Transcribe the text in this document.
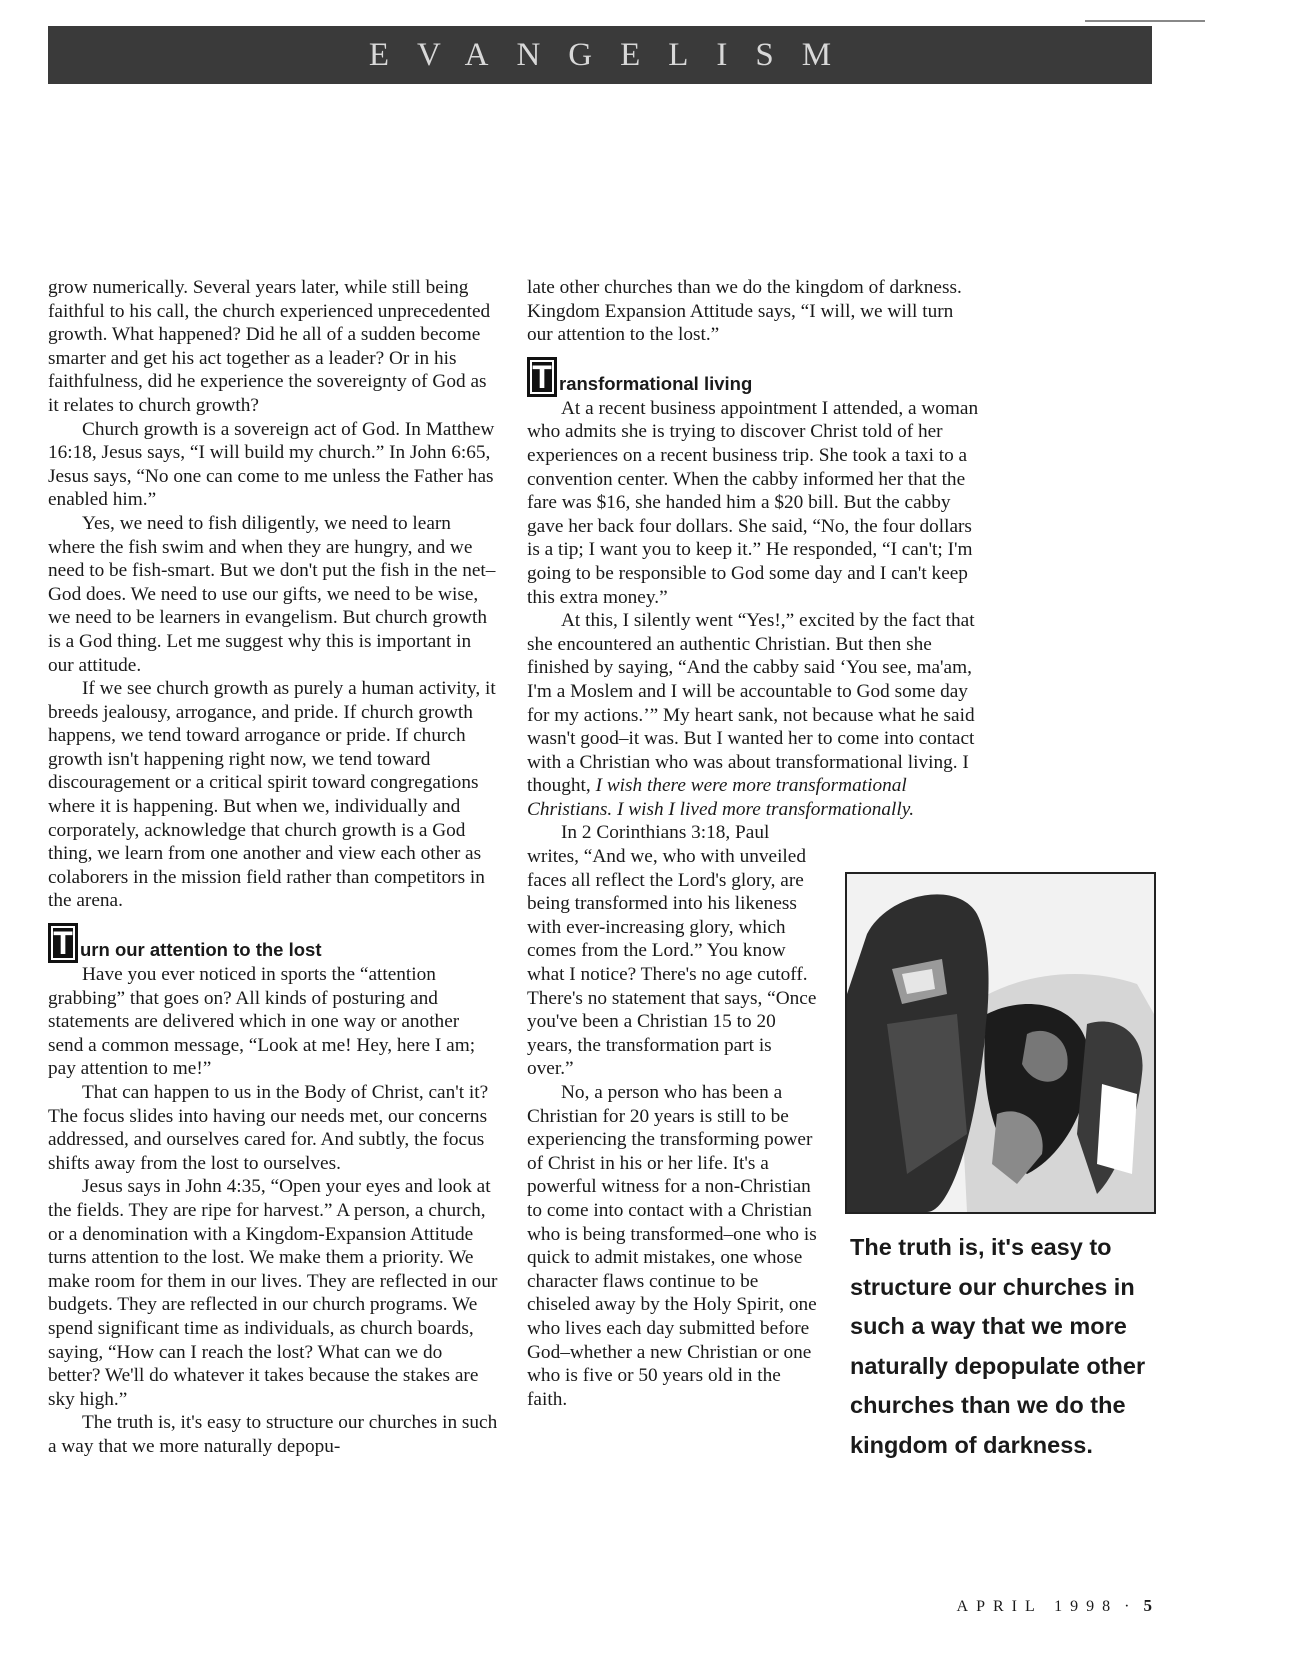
EVANGELISM

grow numerically. Several years later, while still being faithful to his call, the church experienced unprecedented growth. What happened? Did he all of a sudden become smarter and get his act together as a leader? Or in his faithfulness, did he experience the sovereignty of God as it relates to church growth?

Church growth is a sovereign act of God. In Matthew 16:18, Jesus says, “I will build my church.” In John 6:65, Jesus says, “No one can come to me unless the Father has enabled him.”

Yes, we need to fish diligently, we need to learn where the fish swim and when they are hungry, and we need to be fish-smart. But we don't put the fish in the net–God does. We need to use our gifts, we need to be wise, we need to be learners in evangelism. But church growth is a God thing. Let me suggest why this is important in our attitude.

If we see church growth as purely a human activity, it breeds jealousy, arrogance, and pride. If church growth happens, we tend toward arrogance or pride. If church growth isn't happening right now, we tend toward discouragement or a critical spirit toward congregations where it is happening. But when we, individually and corporately, acknowledge that church growth is a God thing, we learn from one another and view each other as colaborers in the mission field rather than competitors in the arena.

T urn our attention to the lost

Have you ever noticed in sports the “attention grabbing” that goes on? All kinds of posturing and statements are delivered which in one way or another send a common message, “Look at me! Hey, here I am; pay attention to me!”

That can happen to us in the Body of Christ, can't it? The focus slides into having our needs met, our concerns addressed, and ourselves cared for. And subtly, the focus shifts away from the lost to ourselves.

Jesus says in John 4:35, “Open your eyes and look at the fields. They are ripe for harvest.” A person, a church, or a denomination with a Kingdom-Expansion Attitude turns attention to the lost. We make them a priority. We make room for them in our lives. They are reflected in our budgets. They are reflected in our church programs. We spend significant time as individuals, as church boards, saying, “How can I reach the lost? What can we do better? We'll do whatever it takes because the stakes are sky high.”

The truth is, it's easy to structure our churches in such a way that we more naturally depopu-

late other churches than we do the kingdom of darkness. Kingdom Expansion Attitude says, “I will, we will turn our attention to the lost.”

T ransformational living

At a recent business appointment I attended, a woman who admits she is trying to discover Christ told of her experiences on a recent business trip. She took a taxi to a convention center. When the cabby informed her that the fare was $16, she handed him a $20 bill. But the cabby gave her back four dollars. She said, “No, the four dollars is a tip; I want you to keep it.” He responded, “I can't; I'm going to be responsible to God some day and I can't keep this extra money.”

At this, I silently went “Yes!,” excited by the fact that she encountered an authentic Christian. But then she finished by saying, “And the cabby said ‘You see, ma'am, I'm a Moslem and I will be accountable to God some day for my actions.’” My heart sank, not because what he said wasn't good–it was. But I wanted her to come into contact with a Christian who was about transformational living. I thought, I wish there were more transformational Christians. I wish I lived more transformationally.

In 2 Corinthians 3:18, Paul writes, “And we, who with unveiled faces all reflect the Lord's glory, are being transformed into his likeness with ever-increasing glory, which comes from the Lord.” You know what I notice? There's no age cutoff. There's no statement that says, “Once you've been a Christian 15 to 20 years, the transformation part is over.”

No, a person who has been a Christian for 20 years is still to be experiencing the transforming power of Christ in his or her life. It's a powerful witness for a non-Christian to come into contact with a Christian who is being transformed–one who is quick to admit mistakes, one whose character flaws continue to be chiseled away by the Holy Spirit, one who lives each day submitted before God–whether a new Christian or one who is five or 50 years old in the faith.

The truth is, it's easy to structure our churches in such a way that we more naturally depopulate other churches than we do the kingdom of darkness.
APRIL 1998 · 5
